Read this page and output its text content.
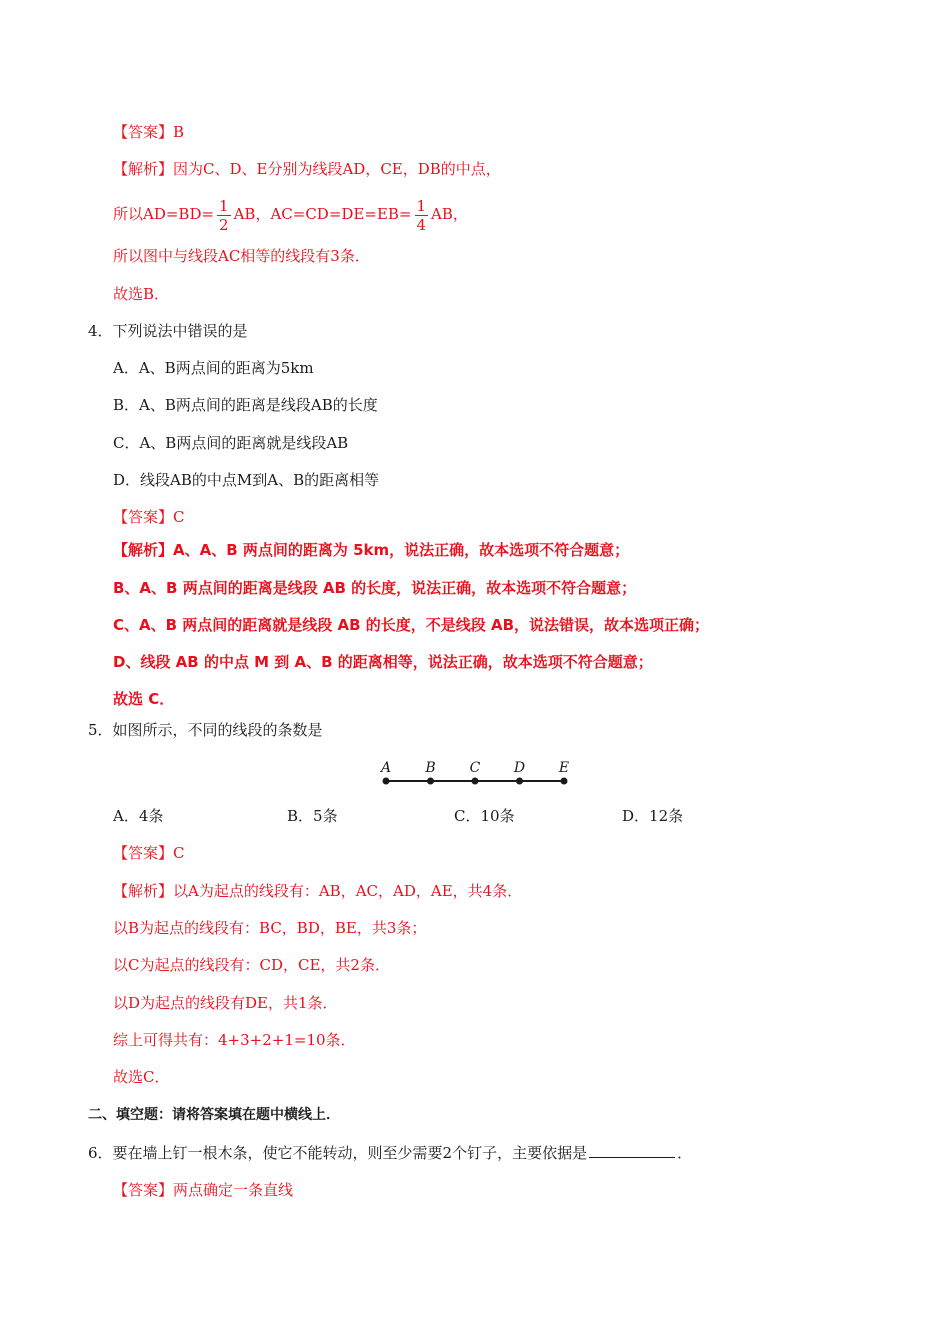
【答案】B
【解析】因为C、D、E分别为线段AD，CE，DB的中点，
所以$AD=BD= \frac{1}{2}$ AB，$AC=CD=DE=EB= \frac{1}{4}$ AB，
所以图中与线段AC相等的线段有3条．
故选B．
4．下列说法中错误的是
A．A、B两点间的距离为5km
B．A、B两点间的距离是线段AB的长度
C．A、B两点间的距离就是线段AB
D．线段AB的中点M到A、B的距离相等
【答案】C
【解析】A、A、B 两点间的距离为 5km，说法正确，故本选项不符合题意；
B、A、B 两点间的距离是线段 AB 的长度，说法正确，故本选项不符合题意；
C、A、B 两点间的距离就是线段 AB 的长度，不是线段 AB，说法错误，故本选项正确；
D、线段 AB 的中点 M 到 A、B 的距离相等，说法正确，故本选项不符合题意；
故选 C．
5．如图所示，不同的线段的条数是
A B C D E
A．4条	B．5条	C．10条	D．12条
【答案】C
【解析】以A为起点的线段有：AB，AC，AD，AE，共4条．
以B为起点的线段有：BC，BD，BE，共3条；
以C为起点的线段有：CD，CE，共2条．
以D为起点的线段有DE，共1条．
综上可得共有：4+3+2+1=10条．
故选C．
二、填空题：请将答案填在题中横线上．
6．要在墙上钉一根木条，使它不能转动，则至少需要2个钉子，主要依据是	．
【答案】两点确定一条直线
